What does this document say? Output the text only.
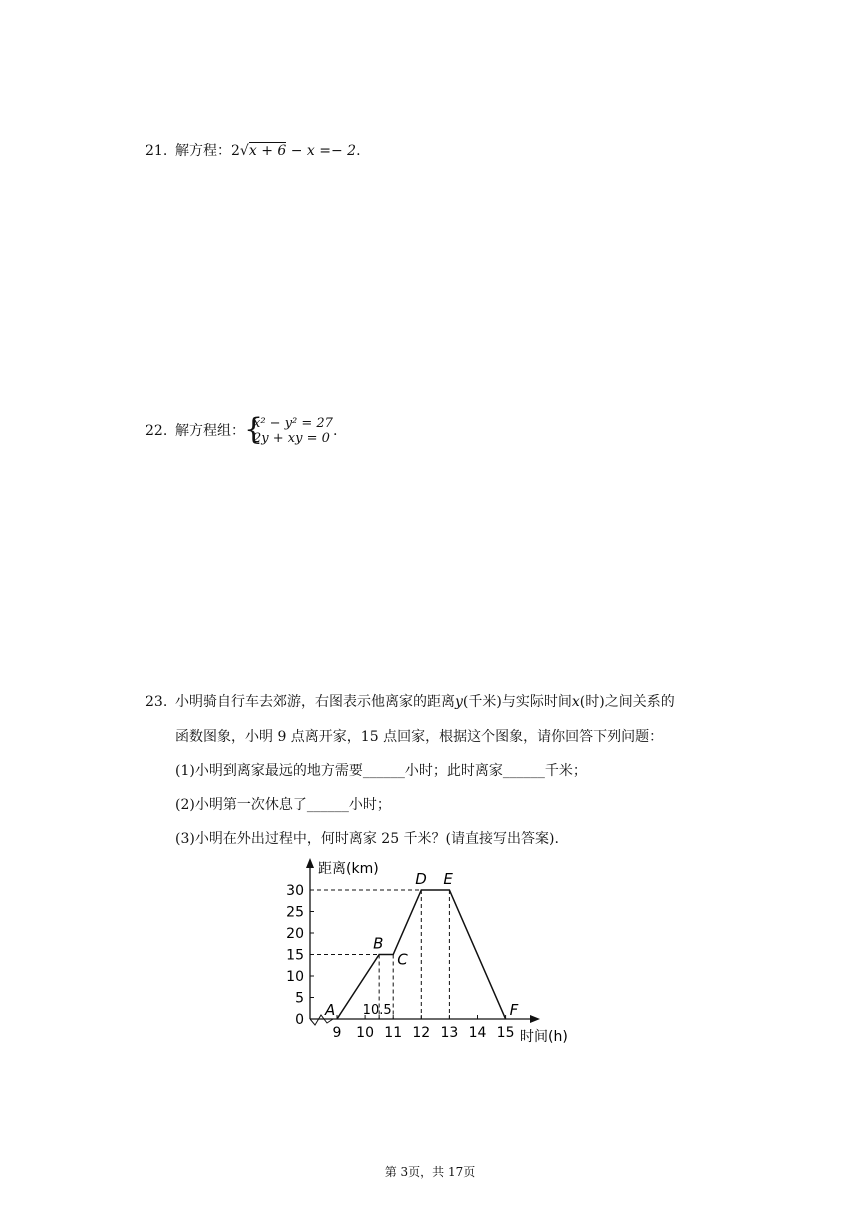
21. 解方程：2√x + 6 − x =− 2.
22. 解方程组： {
x² − y² = 27
2y + xy = 0 .
23. 小明骑自行车去郊游，右图表示他离家的距离y(千米)与实际时间x(时)之间关系的
函数图象，小明 9 点离开家，15 点回家，根据这个图象，请你回答下列问题：
(1)小明到离家最远的地方需要______小时；此时离家______千米；
(2)小明第一次休息了______小时；
(3)小明在外出过程中，何时离家 25 千米？(请直接写出答案).
0
5
10
15
20
25
30
9 10
10.5
11 12 13 14 15
距离(km)
时间(h)
A
B
C
D E
F
第 3页，共 17页
